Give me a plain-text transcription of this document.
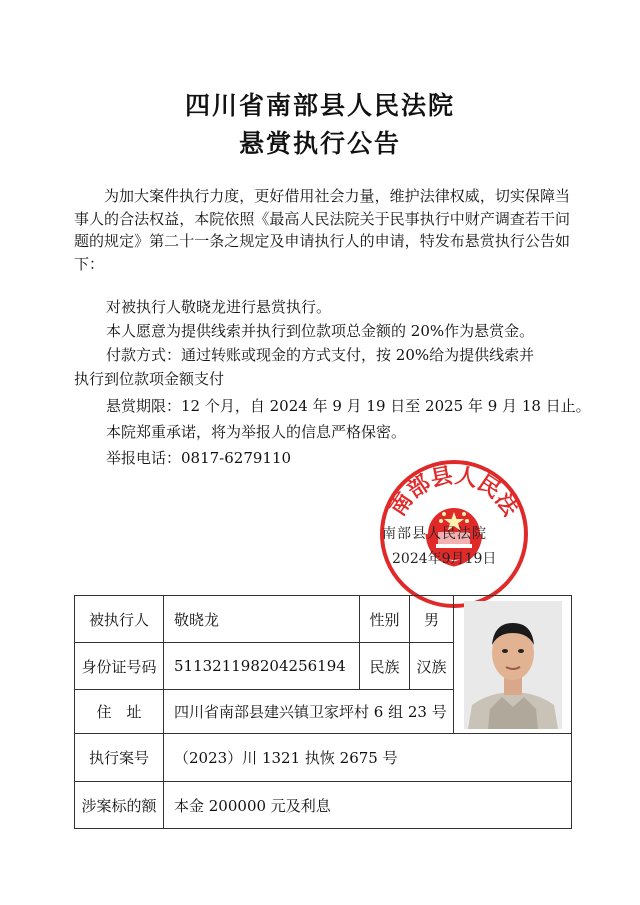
四川省南部县人民法院
悬赏执行公告

为加大案件执行力度，更好借用社会力量，维护法律权威，切实保障当事人的合法权益，本院依照《最高人民法院关于民事执行中财产调查若干问题的规定》第二十一条之规定及申请执行人的申请，特发布悬赏执行公告如下：

对被执行人敬晓龙进行悬赏执行。
本人愿意为提供线索并执行到位款项总金额的 20%作为悬赏金。
付款方式：通过转账或现金的方式支付，按 20%给为提供线索并
执行到位款项金额支付
悬赏期限：12 个月，自 2024 年 9 月 19 日至 2025 年 9 月 18 日止。
本院郑重承诺，将为举报人的信息严格保密。
举报电话：0817-6279110
南部县人民法
南部县人民法院
2024年9月19日
被执行人	敬晓龙	性别	男	

身份证号码	511321198204256194	民族	汉族	
住　址	四川省南部县建兴镇卫家坪村 6 组 23 号			
执行案号	（2023）川 1321 执恢 2675 号			
涉案标的额	本金 200000 元及利息			
